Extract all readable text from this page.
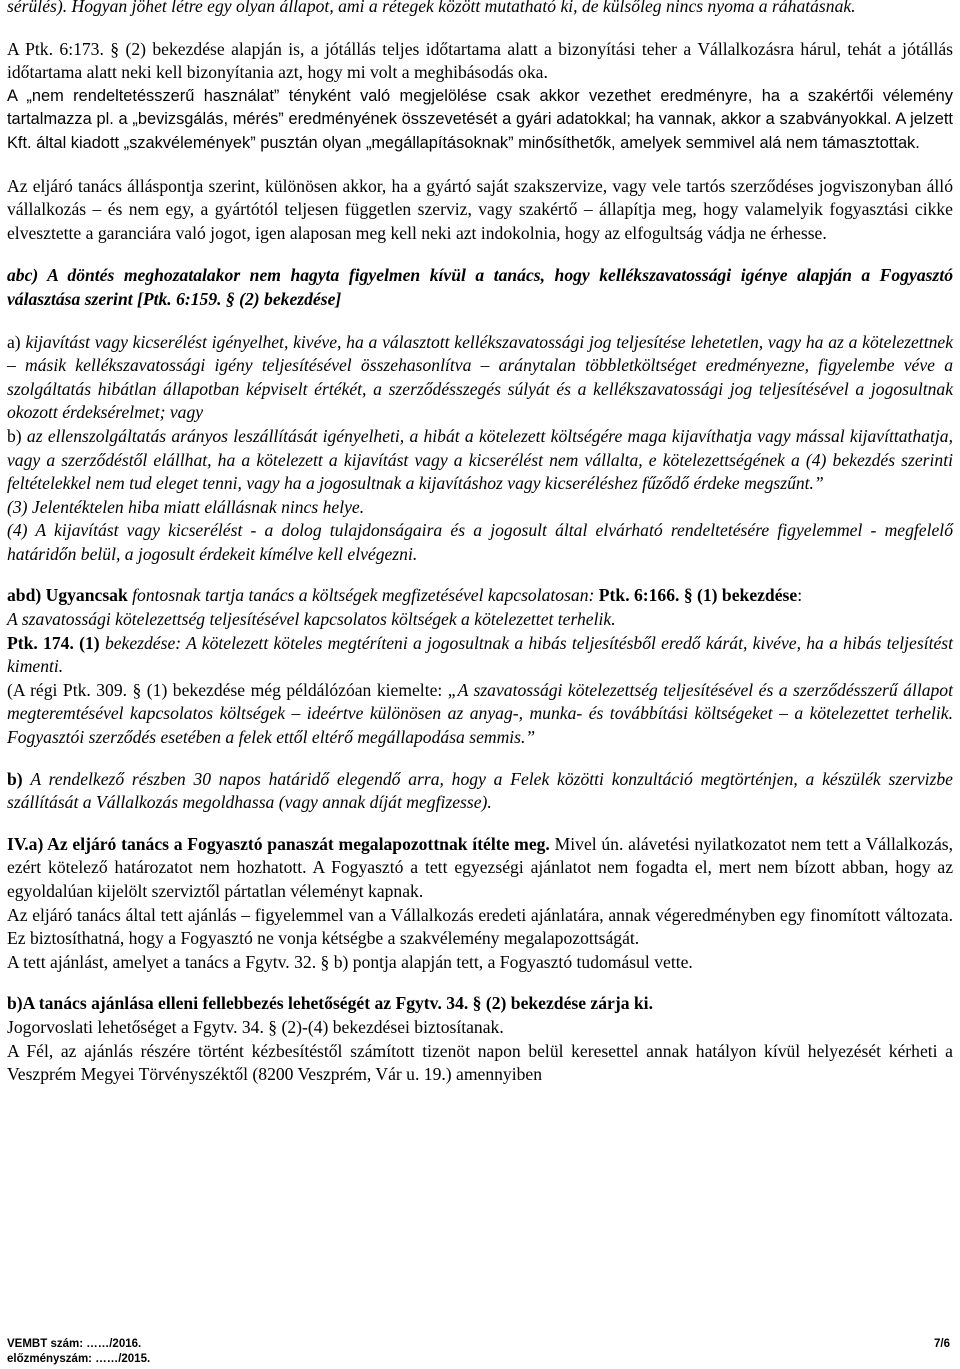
sérülés). Hogyan jöhet létre egy olyan állapot, ami a rétegek között mutatható ki, de külsőleg nincs nyoma a ráhatásnak.

A Ptk. 6:173. § (2) bekezdése alapján is, a jótállás teljes időtartama alatt a bizonyítási teher a Vállalkozásra hárul, tehát a jótállás időtartama alatt neki kell bizonyítania azt, hogy mi volt a meghibásodás oka.

A „nem rendeltetésszerű használat” tényként való megjelölése csak akkor vezethet eredményre, ha a szakértői vélemény tartalmazza pl. a „bevizsgálás, mérés” eredményének összevetését a gyári adatokkal; ha vannak, akkor a szabványokkal. A jelzett Kft. által kiadott „szakvélemények” pusztán olyan „megállapításoknak” minősíthetők, amelyek semmivel alá nem támasztottak.

Az eljáró tanács álláspontja szerint, különösen akkor, ha a gyártó saját szakszervize, vagy vele tartós szerződéses jogviszonyban álló vállalkozás – és nem egy, a gyártótól teljesen független szerviz, vagy szakértő – állapítja meg, hogy valamelyik fogyasztási cikke elvesztette a garanciára való jogot, igen alaposan meg kell neki azt indokolnia, hogy az elfogultság vádja ne érhesse.

abc) A döntés meghozatalakor nem hagyta figyelmen kívül a tanács, hogy kellékszavatossági igénye alapján a Fogyasztó választása szerint [Ptk. 6:159. § (2) bekezdése]

a) kijavítást vagy kicserélést igényelhet, kivéve, ha a választott kellékszavatossági jog teljesítése lehetetlen, vagy ha az a kötelezettnek – másik kellékszavatossági igény teljesítésével összehasonlítva – aránytalan többletköltséget eredményezne, figyelembe véve a szolgáltatás hibátlan állapotban képviselt értékét, a szerződésszegés súlyát és a kellékszavatossági jog teljesítésével a jogosultnak okozott érdeksérelmet; vagy

b) az ellenszolgáltatás arányos leszállítását igényelheti, a hibát a kötelezett költségére maga kijavíthatja vagy mással kijavíttathatja, vagy a szerződéstől elállhat, ha a kötelezett a kijavítást vagy a kicserélést nem vállalta, e kötelezettségének a (4) bekezdés szerinti feltételekkel nem tud eleget tenni, vagy ha a jogosultnak a kijavításhoz vagy kicseréléshez fűződő érdeke megszűnt.”

(3) Jelentéktelen hiba miatt elállásnak nincs helye.

(4) A kijavítást vagy kicserélést - a dolog tulajdonságaira és a jogosult által elvárható rendeltetésére figyelemmel - megfelelő határidőn belül, a jogosult érdekeit kímélve kell elvégezni.

abd) Ugyancsak fontosnak tartja tanács a költségek megfizetésével kapcsolatosan: Ptk. 6:166. § (1) bekezdése:

A szavatossági kötelezettség teljesítésével kapcsolatos költségek a kötelezettet terhelik.

Ptk. 174. (1) bekezdése: A kötelezett köteles megtéríteni a jogosultnak a hibás teljesítésből eredő kárát, kivéve, ha a hibás teljesítést kimenti.

(A régi Ptk. 309. § (1) bekezdése még példálózóan kiemelte: „A szavatossági kötelezettség teljesítésével és a szerződésszerű állapot megteremtésével kapcsolatos költségek – ideértve különösen az anyag-, munka- és továbbítási költségeket – a kötelezettet terhelik. Fogyasztói szerződés esetében a felek ettől eltérő megállapodása semmis.”

b) A rendelkező részben 30 napos határidő elegendő arra, hogy a Felek közötti konzultáció megtörténjen, a készülék szervizbe szállítását a Vállalkozás megoldhassa (vagy annak díját megfizesse).

IV.a) Az eljáró tanács a Fogyasztó panaszát megalapozottnak ítélte meg. Mivel ún. alávetési nyilatkozatot nem tett a Vállalkozás, ezért kötelező határozatot nem hozhatott. A Fogyasztó a tett egyezségi ajánlatot nem fogadta el, mert nem bízott abban, hogy az egyoldalúan kijelölt szerviztől pártatlan véleményt kapnak.

Az eljáró tanács által tett ajánlás – figyelemmel van a Vállalkozás eredeti ajánlatára, annak végeredményben egy finomított változata. Ez biztosíthatná, hogy a Fogyasztó ne vonja kétségbe a szakvélemény megalapozottságát.

A tett ajánlást, amelyet a tanács a Fgytv. 32. § b) pontja alapján tett, a Fogyasztó tudomásul vette.

b)A tanács ajánlása elleni fellebbezés lehetőségét az Fgytv. 34. § (2) bekezdése zárja ki.

Jogorvoslati lehetőséget a Fgytv. 34. § (2)-(4) bekezdései biztosítanak.

A Fél, az ajánlás részére történt kézbesítéstől számított tizenöt napon belül keresettel annak hatályon kívül helyezését kérheti a Veszprém Megyei Törvényszéktől (8200 Veszprém, Vár u. 19.) amennyiben

VEMBT szám: ……/2016.
előzményszám: ……/2015.
7/6
